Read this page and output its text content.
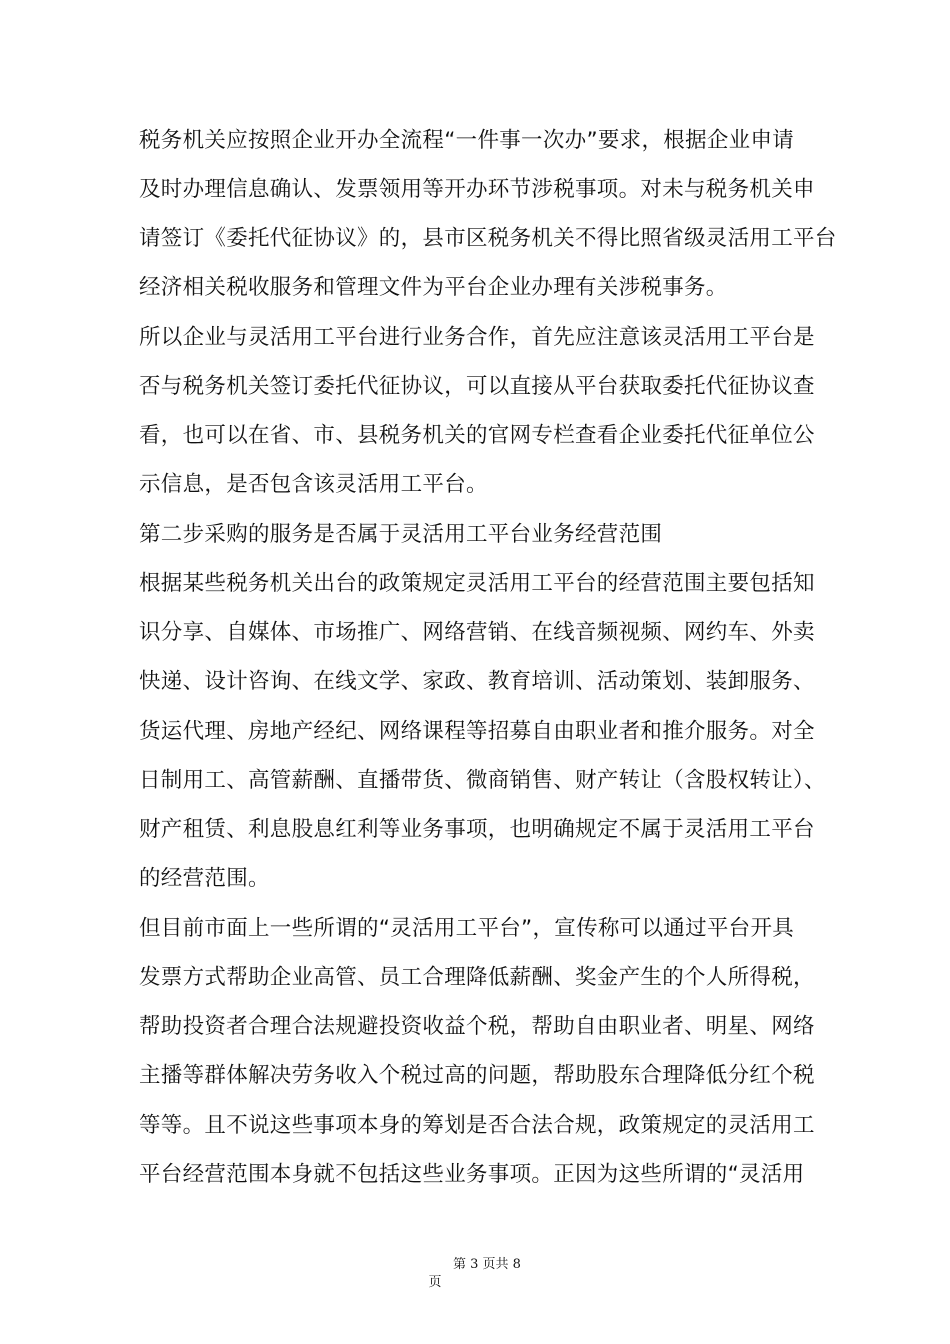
税务机关应按照企业开办全流程“一件事一次办”要求，根据企业申请
及时办理信息确认、发票领用等开办环节涉税事项。对未与税务机关申
请签订《委托代征协议》的，县市区税务机关不得比照省级灵活用工平台
经济相关税收服务和管理文件为平台企业办理有关涉税事务。
所以企业与灵活用工平台进行业务合作，首先应注意该灵活用工平台是
否与税务机关签订委托代征协议，可以直接从平台获取委托代征协议查
看，也可以在省、市、县税务机关的官网专栏查看企业委托代征单位公
示信息，是否包含该灵活用工平台。
第二步采购的服务是否属于灵活用工平台业务经营范围
根据某些税务机关出台的政策规定灵活用工平台的经营范围主要包括知
识分享、自媒体、市场推广、网络营销、在线音频视频、网约车、外卖
快递、设计咨询、在线文学、家政、教育培训、活动策划、装卸服务、
货运代理、房地产经纪、网络课程等招募自由职业者和推介服务。对全
日制用工、高管薪酬、直播带货、微商销售、财产转让（含股权转让）、
财产租赁、利息股息红利等业务事项，也明确规定不属于灵活用工平台
的经营范围。
但目前市面上一些所谓的“灵活用工平台”，宣传称可以通过平台开具
发票方式帮助企业高管、员工合理降低薪酬、奖金产生的个人所得税，
帮助投资者合理合法规避投资收益个税，帮助自由职业者、明星、网络
主播等群体解决劳务收入个税过高的问题，帮助股东合理降低分红个税
等等。且不说这些事项本身的筹划是否合法合规，政策规定的灵活用工
平台经营范围本身就不包括这些业务事项。正因为这些所谓的“灵活用
第 3 页共 8
页
